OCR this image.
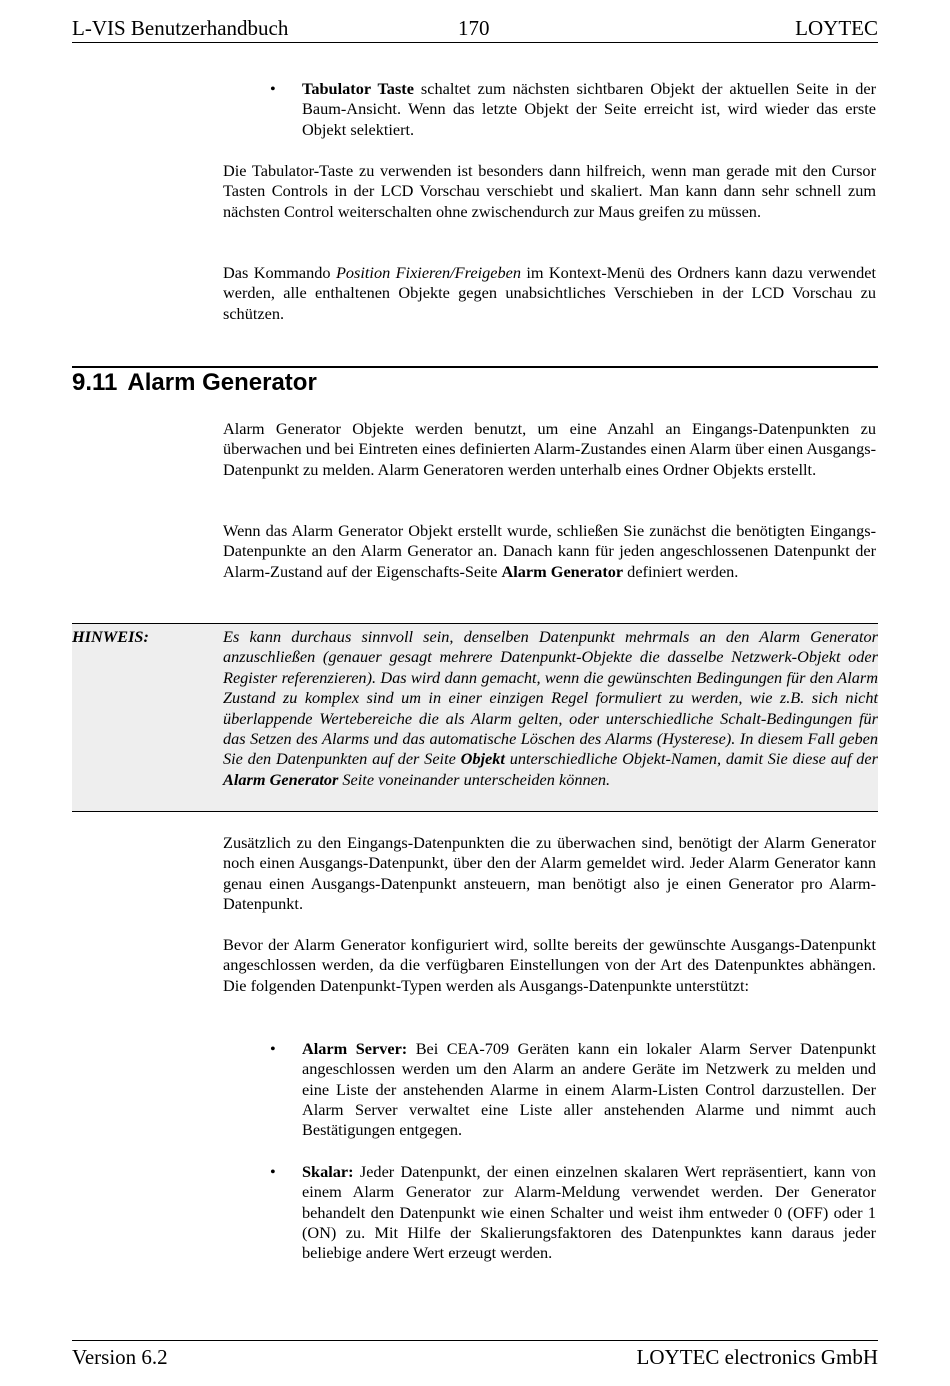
L-VIS Benutzerhandbuch	170	LOYTEC
•	Tabulator Taste schaltet zum nächsten sichtbaren Objekt der aktuellen Seite in der Baum-Ansicht. Wenn das letzte Objekt der Seite erreicht ist, wird wieder das erste Objekt selektiert.
Die Tabulator-Taste zu verwenden ist besonders dann hilfreich, wenn man gerade mit den Cursor Tasten Controls in der LCD Vorschau verschiebt und skaliert. Man kann dann sehr schnell zum nächsten Control weiterschalten ohne zwischendurch zur Maus greifen zu müssen.
Das Kommando Position Fixieren/Freigeben im Kontext-Menü des Ordners kann dazu verwendet werden, alle enthaltenen Objekte gegen unabsichtliches Verschieben in der LCD Vorschau zu schützen.
9.11 Alarm Generator
Alarm Generator Objekte werden benutzt, um eine Anzahl an Eingangs-Datenpunkten zu überwachen und bei Eintreten eines definierten Alarm-Zustandes einen Alarm über einen Ausgangs-Datenpunkt zu melden. Alarm Generatoren werden unterhalb eines Ordner Objekts erstellt.
Wenn das Alarm Generator Objekt erstellt wurde, schließen Sie zunächst die benötigten Eingangs-Datenpunkte an den Alarm Generator an. Danach kann für jeden angeschlossenen Datenpunkt der Alarm-Zustand auf der Eigenschafts-Seite Alarm Generator definiert werden.
HINWEIS:	Es kann durchaus sinnvoll sein, denselben Datenpunkt mehrmals an den Alarm Generator anzuschließen (genauer gesagt mehrere Datenpunkt-Objekte die dasselbe Netzwerk-Objekt oder Register referenzieren). Das wird dann gemacht, wenn die gewünschten Bedingungen für den Alarm Zustand zu komplex sind um in einer einzigen Regel formuliert zu werden, wie z.B. sich nicht überlappende Wertebereiche die als Alarm gelten, oder unterschiedliche Schalt-Bedingungen für das Setzen des Alarms und das automatische Löschen des Alarms (Hysterese). In diesem Fall geben Sie den Datenpunkten auf der Seite Objekt unterschiedliche Objekt-Namen, damit Sie diese auf der Alarm Generator Seite voneinander unterscheiden können.
Zusätzlich zu den Eingangs-Datenpunkten die zu überwachen sind, benötigt der Alarm Generator noch einen Ausgangs-Datenpunkt, über den der Alarm gemeldet wird. Jeder Alarm Generator kann genau einen Ausgangs-Datenpunkt ansteuern, man benötigt also je einen Generator pro Alarm-Datenpunkt.
Bevor der Alarm Generator konfiguriert wird, sollte bereits der gewünschte Ausgangs-Datenpunkt angeschlossen werden, da die verfügbaren Einstellungen von der Art des Datenpunktes abhängen. Die folgenden Datenpunkt-Typen werden als Ausgangs-Datenpunkte unterstützt:
•	Alarm Server: Bei CEA-709 Geräten kann ein lokaler Alarm Server Datenpunkt angeschlossen werden um den Alarm an andere Geräte im Netzwerk zu melden und eine Liste der anstehenden Alarme in einem Alarm-Listen Control darzustellen. Der Alarm Server verwaltet eine Liste aller anstehenden Alarme und nimmt auch Bestätigungen entgegen.
•	Skalar: Jeder Datenpunkt, der einen einzelnen skalaren Wert repräsentiert, kann von einem Alarm Generator zur Alarm-Meldung verwendet werden. Der Generator behandelt den Datenpunkt wie einen Schalter und weist ihm entweder 0 (OFF) oder 1 (ON) zu. Mit Hilfe der Skalierungsfaktoren des Datenpunktes kann daraus jeder beliebige andere Wert erzeugt werden.
Version 6.2	LOYTEC electronics GmbH
